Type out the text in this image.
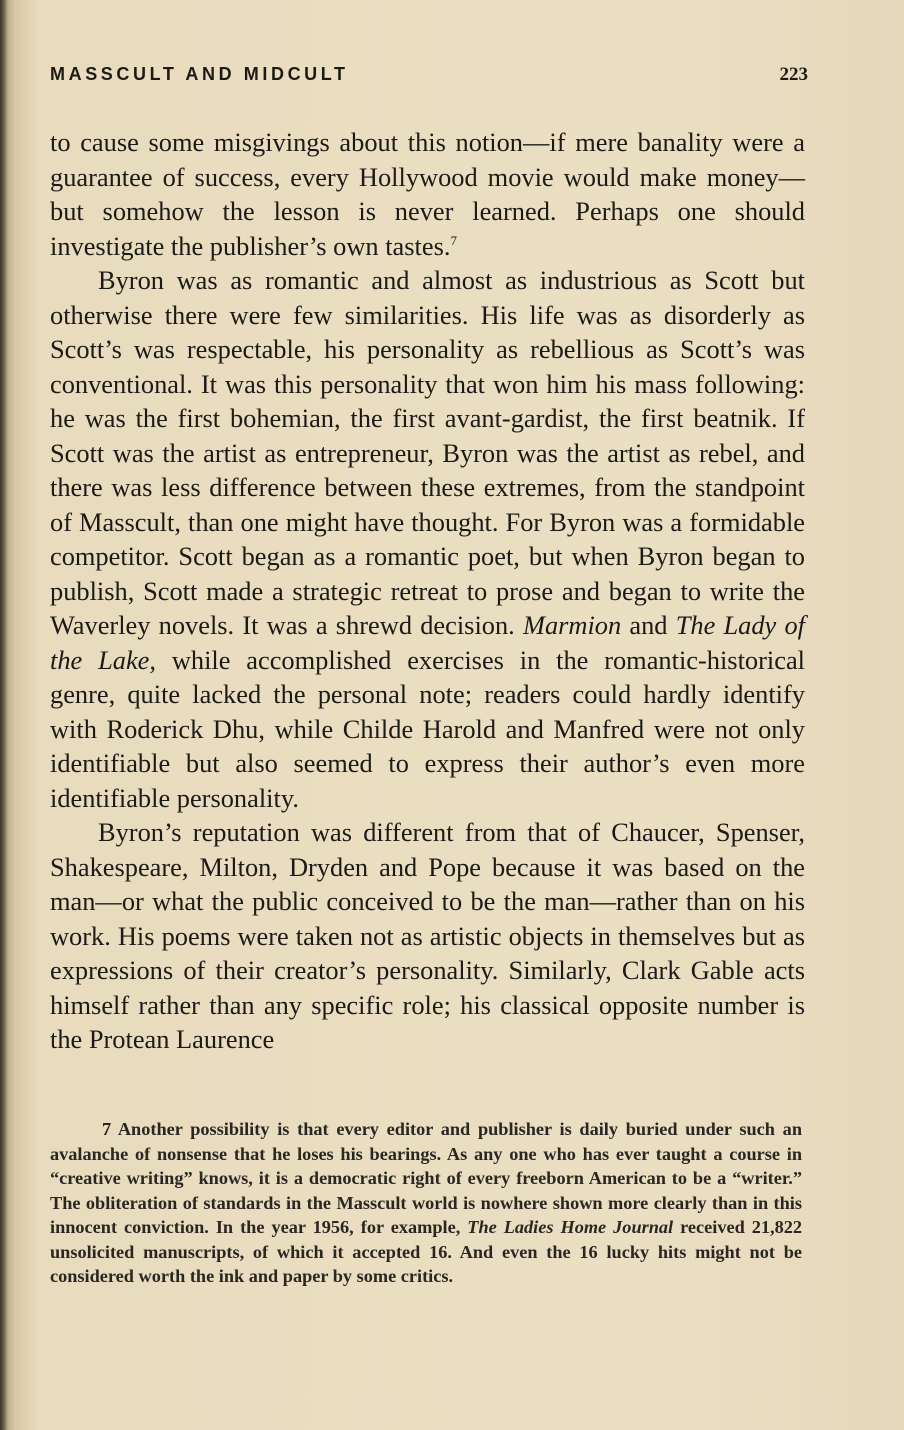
MASSCULT AND MIDCULT	223

to cause some misgivings about this notion—if mere banality were a guarantee of success, every Hollywood movie would make money—but somehow the lesson is never learned. Perhaps one should investigate the publisher’s own tastes.$^7$

Byron was as romantic and almost as industrious as Scott but otherwise there were few similarities. His life was as disorderly as Scott’s was respectable, his personality as rebellious as Scott’s was conventional. It was this personality that won him his mass following: he was the first bohemian, the first avant-gardist, the first beatnik. If Scott was the artist as entrepreneur, Byron was the artist as rebel, and there was less difference between these extremes, from the standpoint of Masscult, than one might have thought. For Byron was a formidable competitor. Scott began as a romantic poet, but when Byron began to publish, Scott made a strategic retreat to prose and began to write the Waverley novels. It was a shrewd decision. Marmion and The Lady of the Lake, while accomplished exercises in the romantic-historical genre, quite lacked the personal note; readers could hardly identify with Roderick Dhu, while Childe Harold and Manfred were not only identifiable but also seemed to express their author’s even more identifiable personality.

Byron’s reputation was different from that of Chaucer, Spenser, Shakespeare, Milton, Dryden and Pope because it was based on the man—or what the public conceived to be the man—rather than on his work. His poems were taken not as artistic objects in themselves but as expressions of their creator’s personality. Similarly, Clark Gable acts himself rather than any specific role; his classical opposite number is the Protean Laurence

7 Another possibility is that every editor and publisher is daily buried under such an avalanche of nonsense that he loses his bearings. As any one who has ever taught a course in “creative writing” knows, it is a democratic right of every freeborn American to be a “writer.” The obliteration of standards in the Masscult world is nowhere shown more clearly than in this innocent conviction. In the year 1956, for example, The Ladies Home Journal received 21,822 unsolicited manuscripts, of which it accepted 16. And even the 16 lucky hits might not be considered worth the ink and paper by some critics.
